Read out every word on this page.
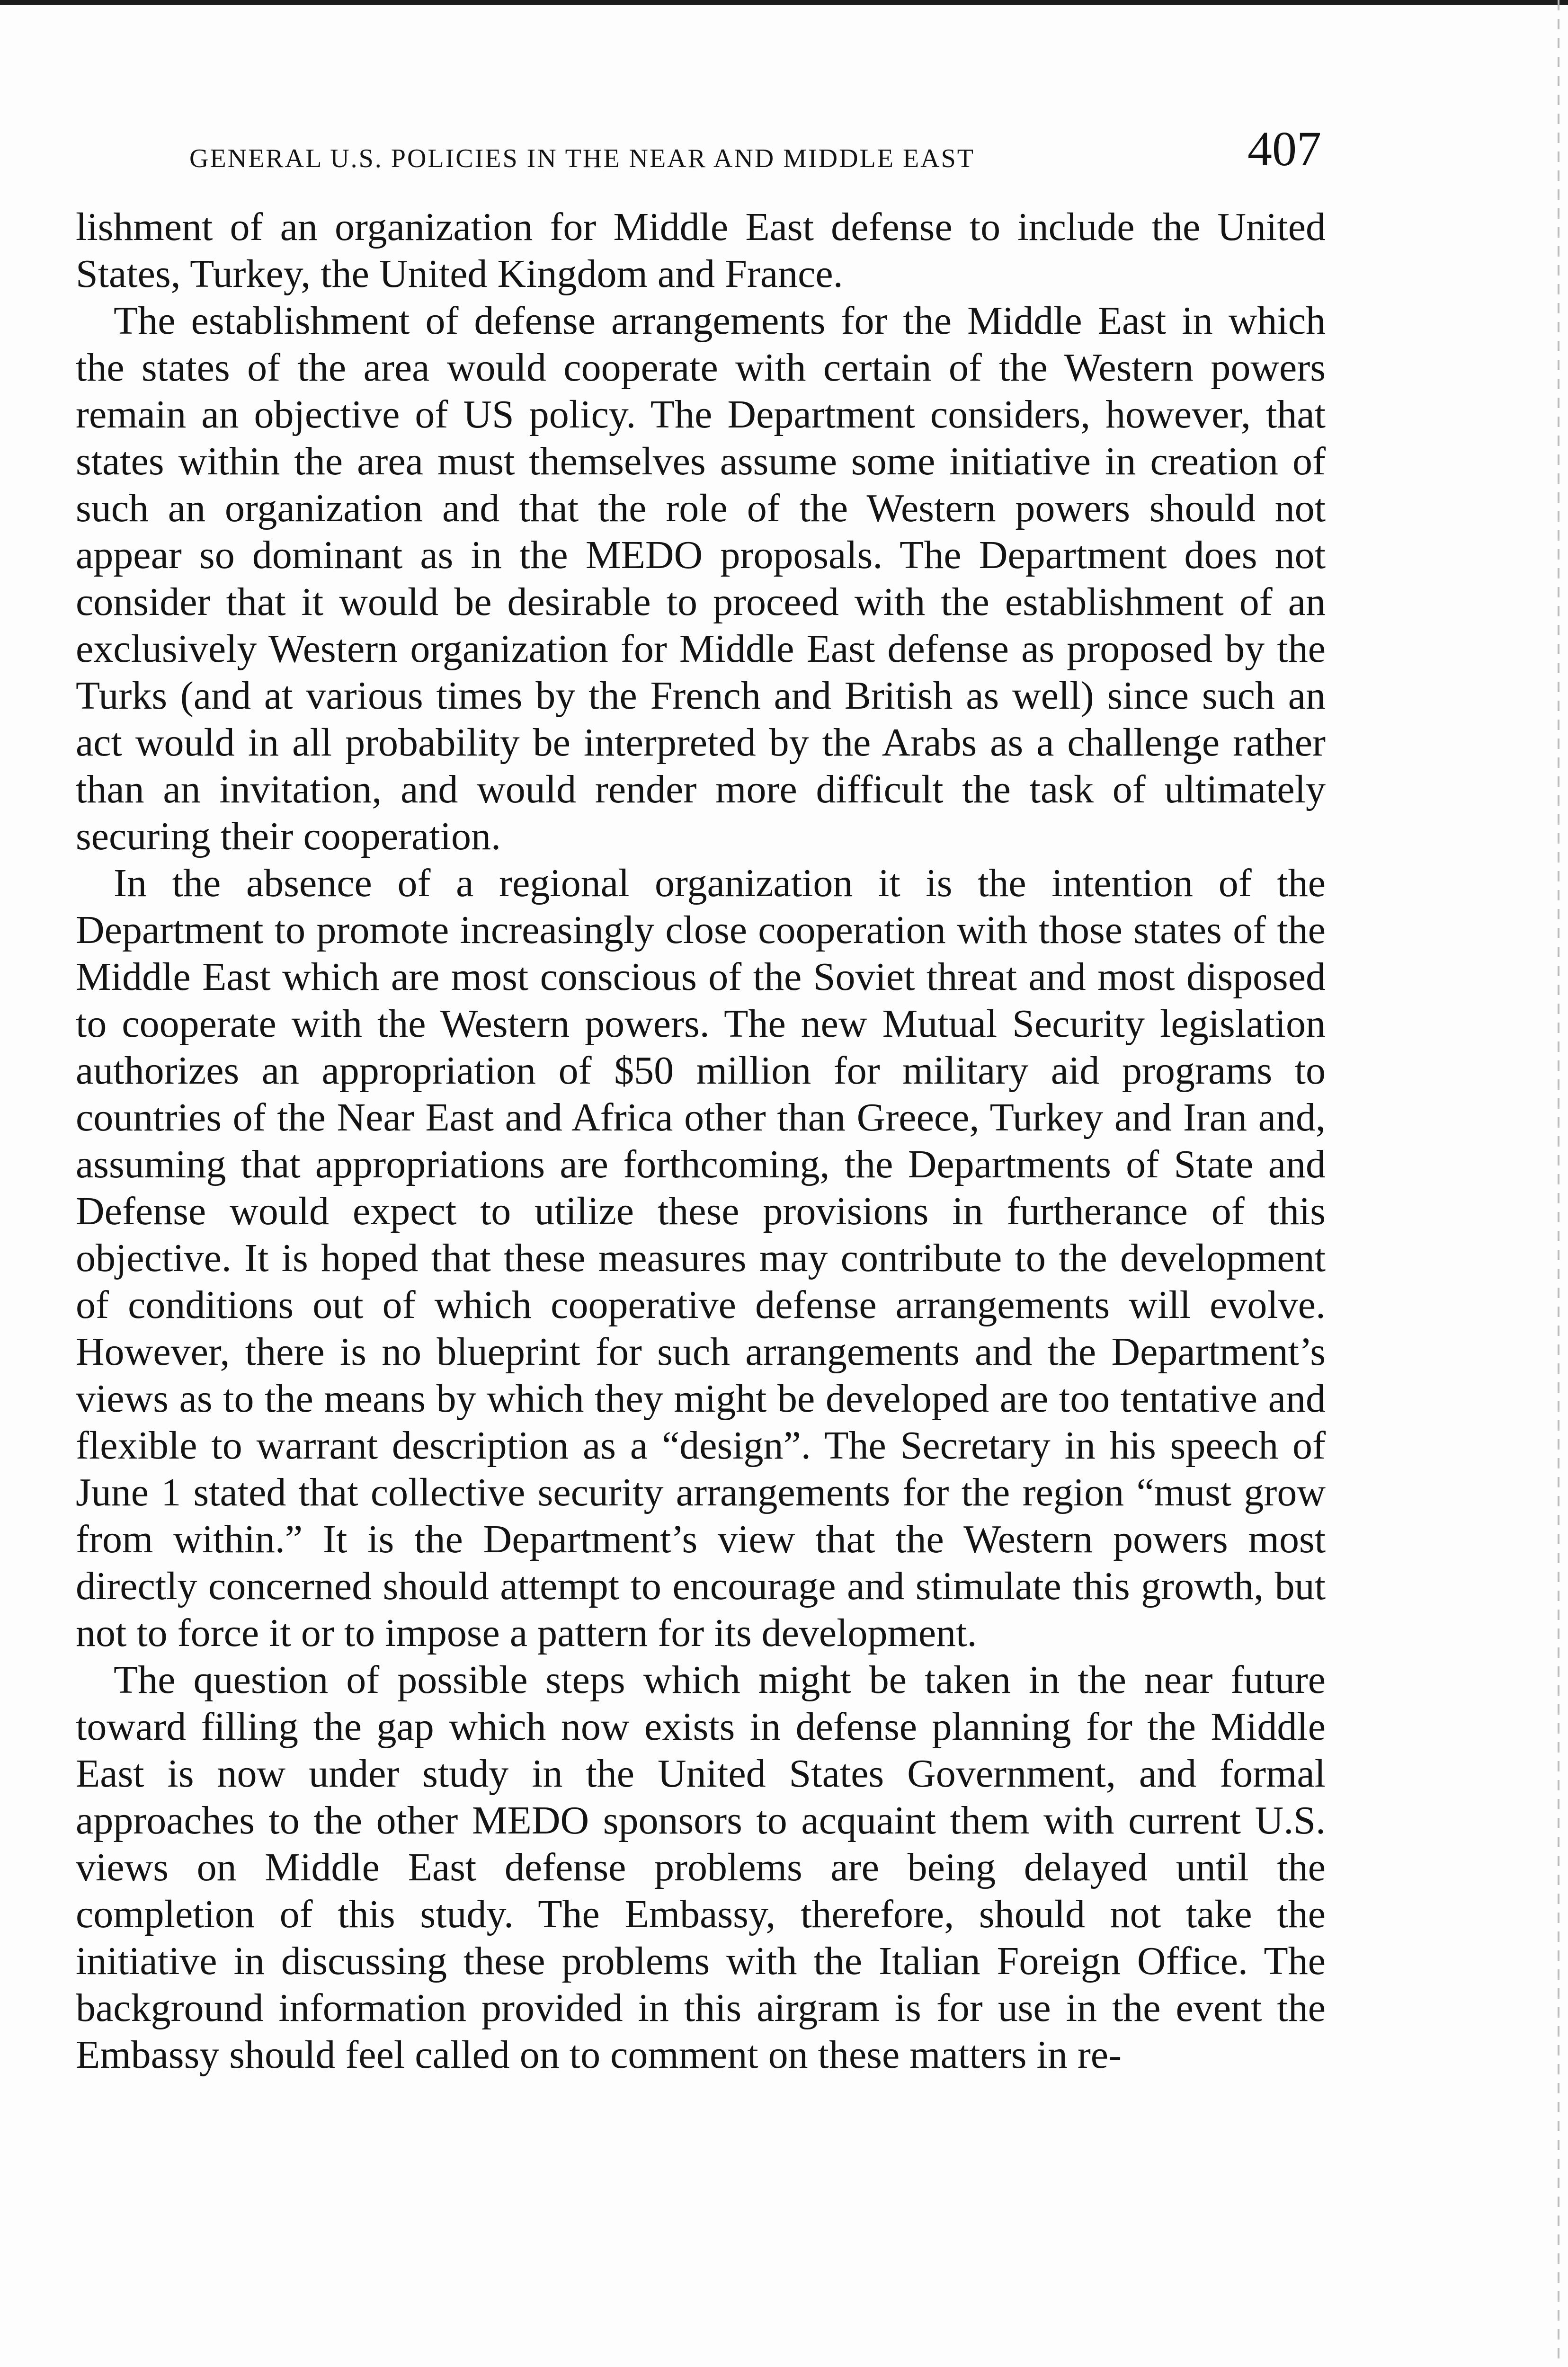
GENERAL U.S. POLICIES IN THE NEAR AND MIDDLE EAST	407

lishment of an organization for Middle East defense to include the United States, Turkey, the United Kingdom and France.

The establishment of defense arrangements for the Middle East in which the states of the area would cooperate with certain of the Western powers remain an objective of US policy. The Department considers, however, that states within the area must themselves assume some initiative in creation of such an organization and that the role of the Western powers should not appear so dominant as in the MEDO proposals. The Department does not consider that it would be desirable to proceed with the establishment of an exclusively Western organization for Middle East defense as proposed by the Turks (and at various times by the French and British as well) since such an act would in all probability be interpreted by the Arabs as a challenge rather than an invitation, and would render more difficult the task of ultimately securing their cooperation.

In the absence of a regional organization it is the intention of the Department to promote increasingly close cooperation with those states of the Middle East which are most conscious of the Soviet threat and most disposed to cooperate with the Western powers. The new Mutual Security legislation authorizes an appropriation of $50 million for military aid programs to countries of the Near East and Africa other than Greece, Turkey and Iran and, assuming that appropriations are forthcoming, the Departments of State and Defense would expect to utilize these provisions in furtherance of this objective. It is hoped that these measures may contribute to the development of conditions out of which cooperative defense arrangements will evolve. However, there is no blueprint for such arrangements and the Department’s views as to the means by which they might be developed are too tentative and flexible to warrant description as a “design”. The Secretary in his speech of June 1 stated that collective security arrangements for the region “must grow from within.” It is the Department’s view that the Western powers most directly concerned should attempt to encourage and stimulate this growth, but not to force it or to impose a pattern for its development.

The question of possible steps which might be taken in the near future toward filling the gap which now exists in defense planning for the Middle East is now under study in the United States Government, and formal approaches to the other MEDO sponsors to acquaint them with current U.S. views on Middle East defense problems are being delayed until the completion of this study. The Embassy, therefore, should not take the initiative in discussing these problems with the Italian Foreign Office. The background information provided in this airgram is for use in the event the Embassy should feel called on to comment on these matters in re-
